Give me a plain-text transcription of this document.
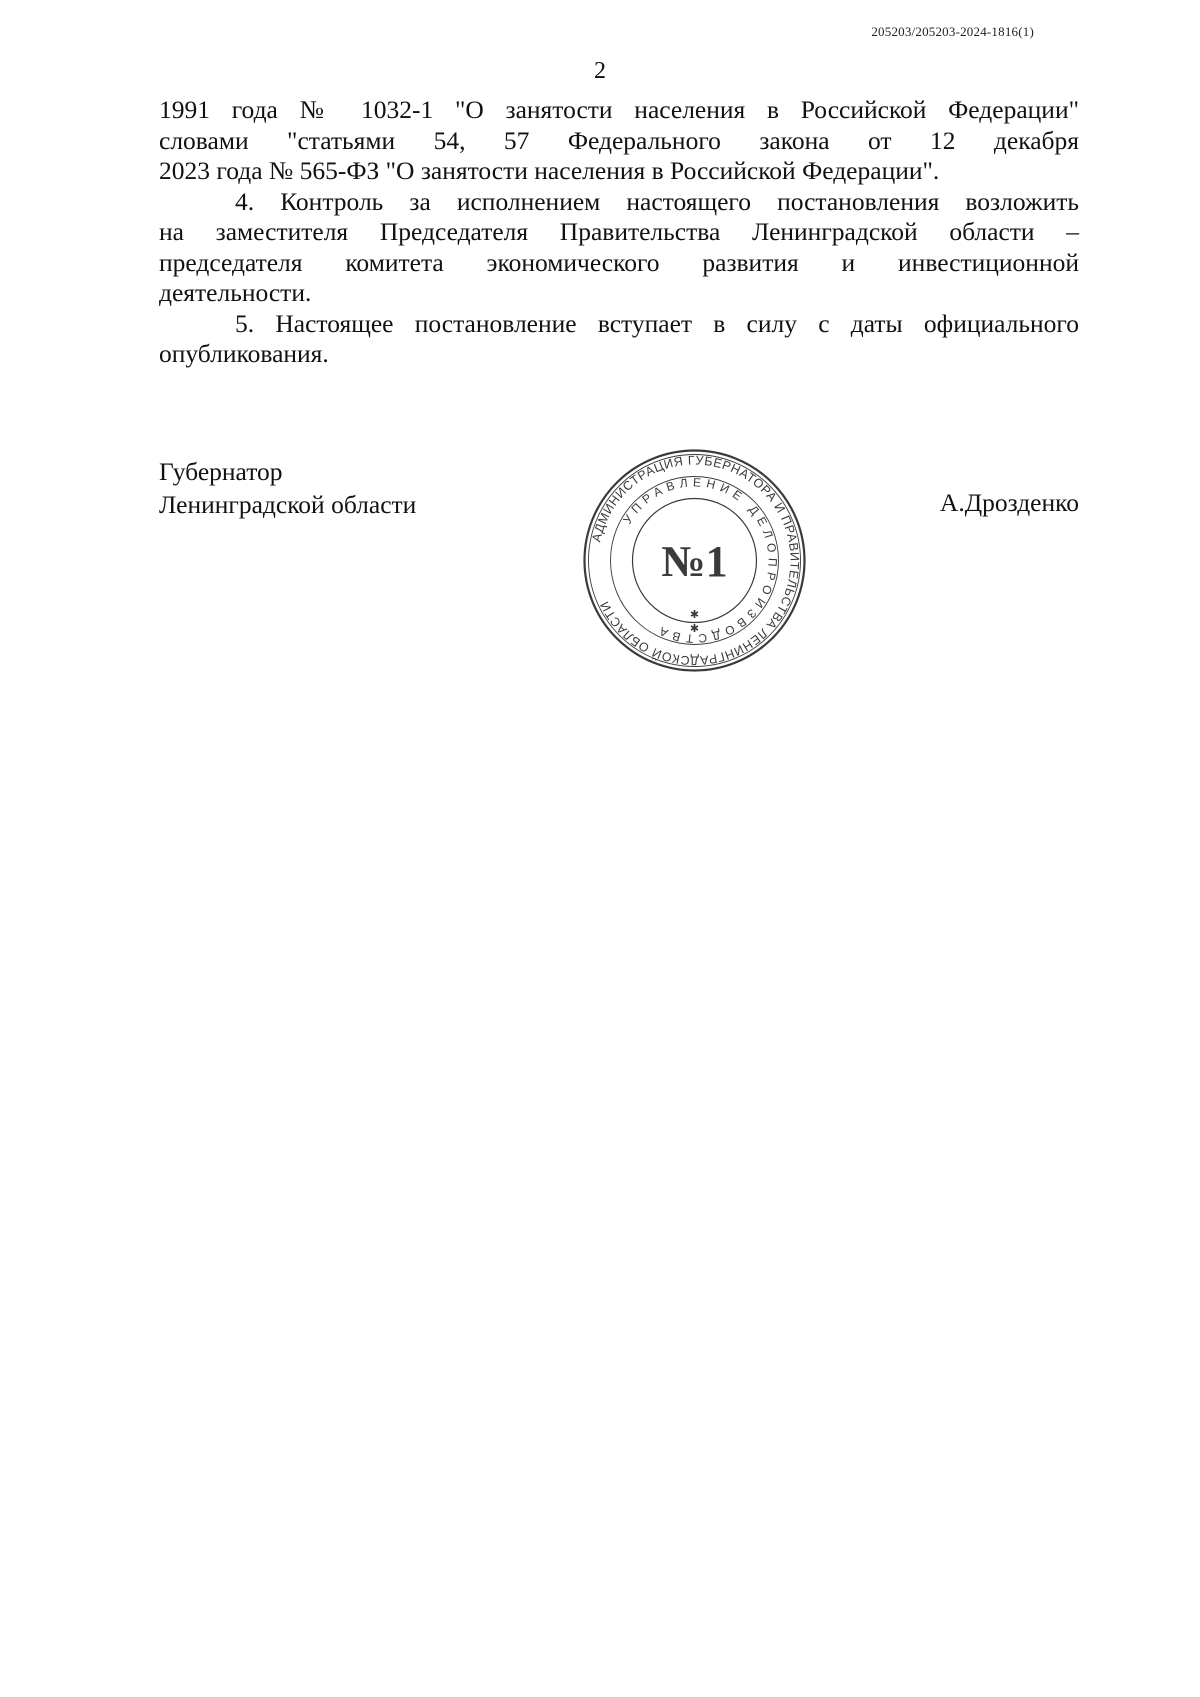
205203/205203-2024-1816(1)
2
1991 года № 1032-1 "О занятости населения в Российской Федерации"
словами "статьями 54, 57 Федерального закона от 12 декабря
2023 года № 565-ФЗ "О занятости населения в Российской Федерации".
4. Контроль за исполнением настоящего постановления возложить
на заместителя Председателя Правительства Ленинградской области –
председателя комитета экономического развития и инвестиционной
деятельности.
5. Настоящее постановление вступает в силу с даты официального
опубликования.
Губернатор
Ленинградской области	А.Дрозденко
АДМИНИСТРАЦИЯ ГУБЕРНАТОРА И ПРАВИТЕЛЬСТВА ЛЕНИНГРАДСКОЙ ОБЛАСТИ
УПРАВЛЕНИЕ ДЕЛОПРОИЗВОДСТВА
№1
✱
✱
